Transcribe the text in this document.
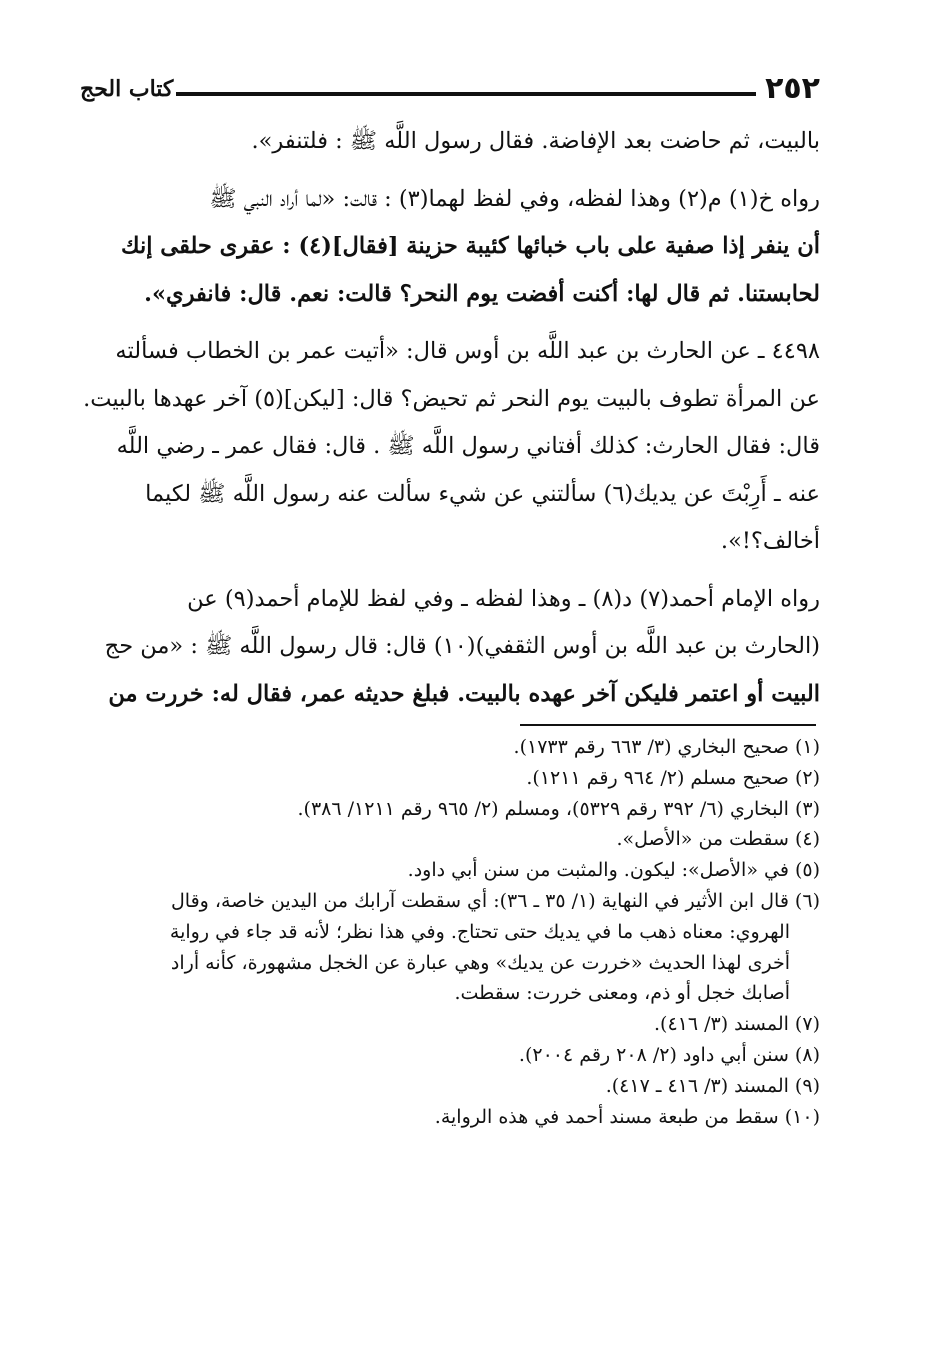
٢٥٢
كتاب الحج
بالبيت، ثم حاضت بعد الإفاضة. فقال رسول اللَّه ﷺ : فلتنفر».
رواه خ(١) م(٢) وهذا لفظه، وفي لفظ لهما(٣) : قالت: «لما أراد النبي ﷺ
أن ينفر إذا صفية على باب خبائها كئيبة حزينة [فقال](٤) : عقرى حلقى إنك
لحابستنا. ثم قال لها: أكنت أفضت يوم النحر؟ قالت: نعم. قال: فانفري».
٤٤٩٨ ـ عن الحارث بن عبد اللَّه بن أوس قال: «أتيت عمر بن الخطاب فسألته
عن المرأة تطوف بالبيت يوم النحر ثم تحيض؟ قال: [ليكن](٥) آخر عهدها بالبيت.
قال: فقال الحارث: كذلك أفتاني رسول اللَّه ﷺ . قال: فقال عمر ـ رضي اللَّه
عنه ـ أَرِبْتَ عن يديك(٦) سألتني عن شيء سألت عنه رسول اللَّه ﷺ لكيما
أخالف؟!».
رواه الإمام أحمد(٧) د(٨) ـ وهذا لفظه ـ وفي لفظ للإمام أحمد(٩) عن
(الحارث بن عبد اللَّه بن أوس الثقفي)(١٠) قال: قال رسول اللَّه ﷺ : «من حج
البيت أو اعتمر فليكن آخر عهده بالبيت. فبلغ حديثه عمر، فقال له: خررت من
(١) صحيح البخاري (٣/ ٦٦٣ رقم ١٧٣٣).
(٢) صحيح مسلم (٢/ ٩٦٤ رقم ١٢١١).
(٣) البخاري (٦/ ٣٩٢ رقم ٥٣٢٩)، ومسلم (٢/ ٩٦٥ رقم ١٢١١/ ٣٨٦).
(٤) سقطت من «الأصل».
(٥) في «الأصل»: ليكون. والمثبت من سنن أبي داود.
(٦) قال ابن الأثير في النهاية (١/ ٣٥ ـ ٣٦): أي سقطت آرابك من اليدين خاصة، وقال
الهروي: معناه ذهب ما في يديك حتى تحتاج. وفي هذا نظر؛ لأنه قد جاء في رواية
أخرى لهذا الحديث «خررت عن يديك» وهي عبارة عن الخجل مشهورة، كأنه أراد
أصابك خجل أو ذم، ومعنى خررت: سقطت.
(٧) المسند (٣/ ٤١٦).
(٨) سنن أبي داود (٢/ ٢٠٨ رقم ٢٠٠٤).
(٩) المسند (٣/ ٤١٦ ـ ٤١٧).
(١٠) سقط من طبعة مسند أحمد في هذه الرواية.
